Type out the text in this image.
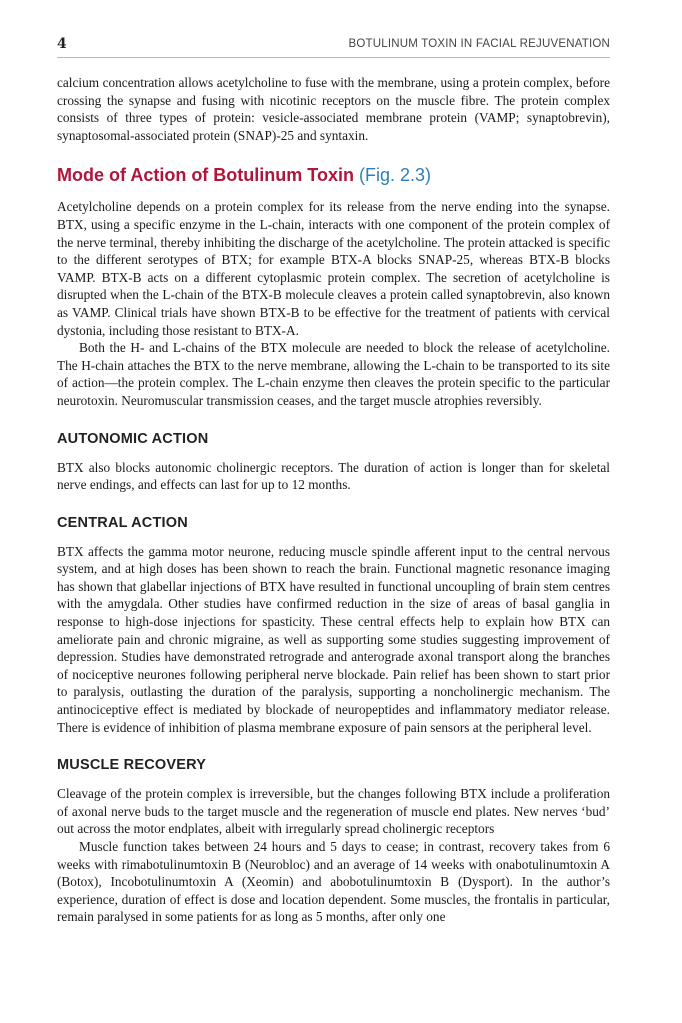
4	BOTULINUM TOXIN IN FACIAL REJUVENATION

calcium concentration allows acetylcholine to fuse with the membrane, using a protein complex, before crossing the synapse and fusing with nicotinic receptors on the muscle fibre. The protein complex consists of three types of protein: vesicle-associated membrane protein (VAMP; synaptobrevin), synaptosomal-associated protein (SNAP)-25 and syntaxin.

Mode of Action of Botulinum Toxin (Fig. 2.3)

Acetylcholine depends on a protein complex for its release from the nerve ending into the synapse. BTX, using a specific enzyme in the L-chain, interacts with one component of the protein complex of the nerve terminal, thereby inhibiting the discharge of the acetylcholine. The protein attacked is specific to the different serotypes of BTX; for example BTX-A blocks SNAP-25, whereas BTX-B blocks VAMP. BTX-B acts on a different cytoplasmic protein complex. The secretion of acetylcholine is disrupted when the L-chain of the BTX-B molecule cleaves a protein called synaptobrevin, also known as VAMP. Clinical trials have shown BTX-B to be effective for the treatment of patients with cervical dystonia, including those resistant to BTX-A.

Both the H- and L-chains of the BTX molecule are needed to block the release of acetylcholine. The H-chain attaches the BTX to the nerve membrane, allowing the L-chain to be transported to its site of action—the protein complex. The L-chain enzyme then cleaves the protein specific to the particular neurotoxin. Neuromuscular transmission ceases, and the target muscle atrophies reversibly.

AUTONOMIC ACTION

BTX also blocks autonomic cholinergic receptors. The duration of action is longer than for skeletal nerve endings, and effects can last for up to 12 months.

CENTRAL ACTION

BTX affects the gamma motor neurone, reducing muscle spindle afferent input to the central nervous system, and at high doses has been shown to reach the brain. Functional magnetic resonance imaging has shown that glabellar injections of BTX have resulted in functional uncoupling of brain stem centres with the amygdala. Other studies have confirmed reduction in the size of areas of basal ganglia in response to high-dose injections for spasticity. These central effects help to explain how BTX can ameliorate pain and chronic migraine, as well as supporting some studies suggesting improvement of depression. Studies have demonstrated retrograde and anterograde axonal transport along the branches of nociceptive neurones following peripheral nerve blockade. Pain relief has been shown to start prior to paralysis, outlasting the duration of the paralysis, supporting a noncholinergic mechanism. The antinociceptive effect is mediated by blockade of neuropeptides and inflammatory mediator release. There is evidence of inhibition of plasma membrane exposure of pain sensors at the peripheral level.

MUSCLE RECOVERY

Cleavage of the protein complex is irreversible, but the changes following BTX include a proliferation of axonal nerve buds to the target muscle and the regeneration of muscle end plates. New nerves ‘bud’ out across the motor endplates, albeit with irregularly spread cholinergic receptors

Muscle function takes between 24 hours and 5 days to cease; in contrast, recovery takes from 6 weeks with rimabotulinumtoxin B (Neurobloc) and an average of 14 weeks with onabotulinumtoxin A (Botox), Incobotulinumtoxin A (Xeomin) and abobotulinumtoxin B (Dysport). In the author’s experience, duration of effect is dose and location dependent. Some muscles, the frontalis in particular, remain paralysed in some patients for as long as 5 months, after only one
